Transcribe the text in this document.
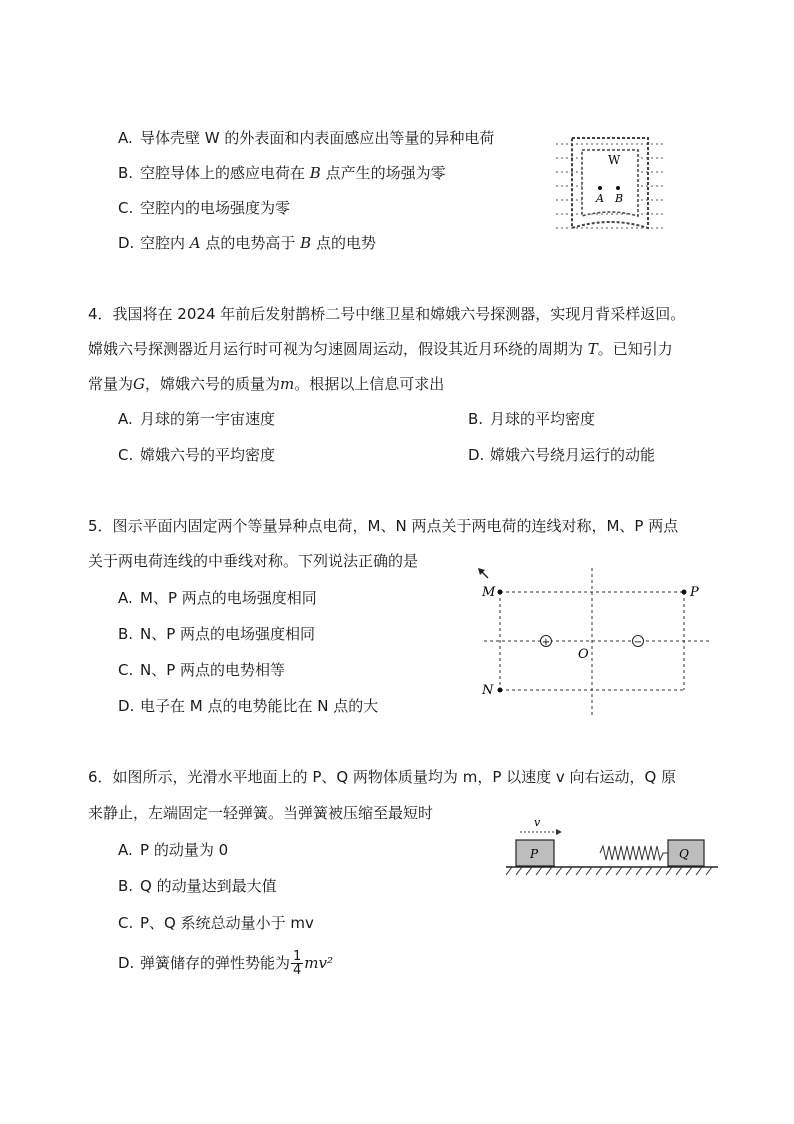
A. 导体壳壁 W 的外表面和内表面感应出等量的异种电荷
B. 空腔导体上的感应电荷在 B 点产生的场强为零
C. 空腔内的电场强度为零
D. 空腔内 A 点的电势高于 B 点的电势
W
A B
4．我国将在 2024 年前后发射鹊桥二号中继卫星和嫦娥六号探测器，实现月背采样返回。
嫦娥六号探测器近月运行时可视为匀速圆周运动，假设其近月环绕的周期为 T。已知引力
常量为G，嫦娥六号的质量为m。根据以上信息可求出
A. 月球的第一宇宙速度	B. 月球的平均密度
C. 嫦娥六号的平均密度	D. 嫦娥六号绕月运行的动能
5．图示平面内固定两个等量异种点电荷，M、N 两点关于两电荷的连线对称，M、P 两点
关于两电荷连线的中垂线对称。下列说法正确的是
A. M、P 两点的电场强度相同
B. N、P 两点的电场强度相同
C. N、P 两点的电势相等
D. 电子在 M 点的电势能比在 N 点的大
+	−
M	P
N
O
6．如图所示，光滑水平地面上的 P、Q 两物体质量均为 m，P 以速度 v 向右运动，Q 原
来静止，左端固定一轻弹簧。当弹簧被压缩至最短时
A. P 的动量为 0
B. Q 的动量达到最大值
C. P、Q 系统总动量小于 mv
D. 弹簧储存的弹性势能为 $\frac{1}{4} mv^2$
v
P	Q
